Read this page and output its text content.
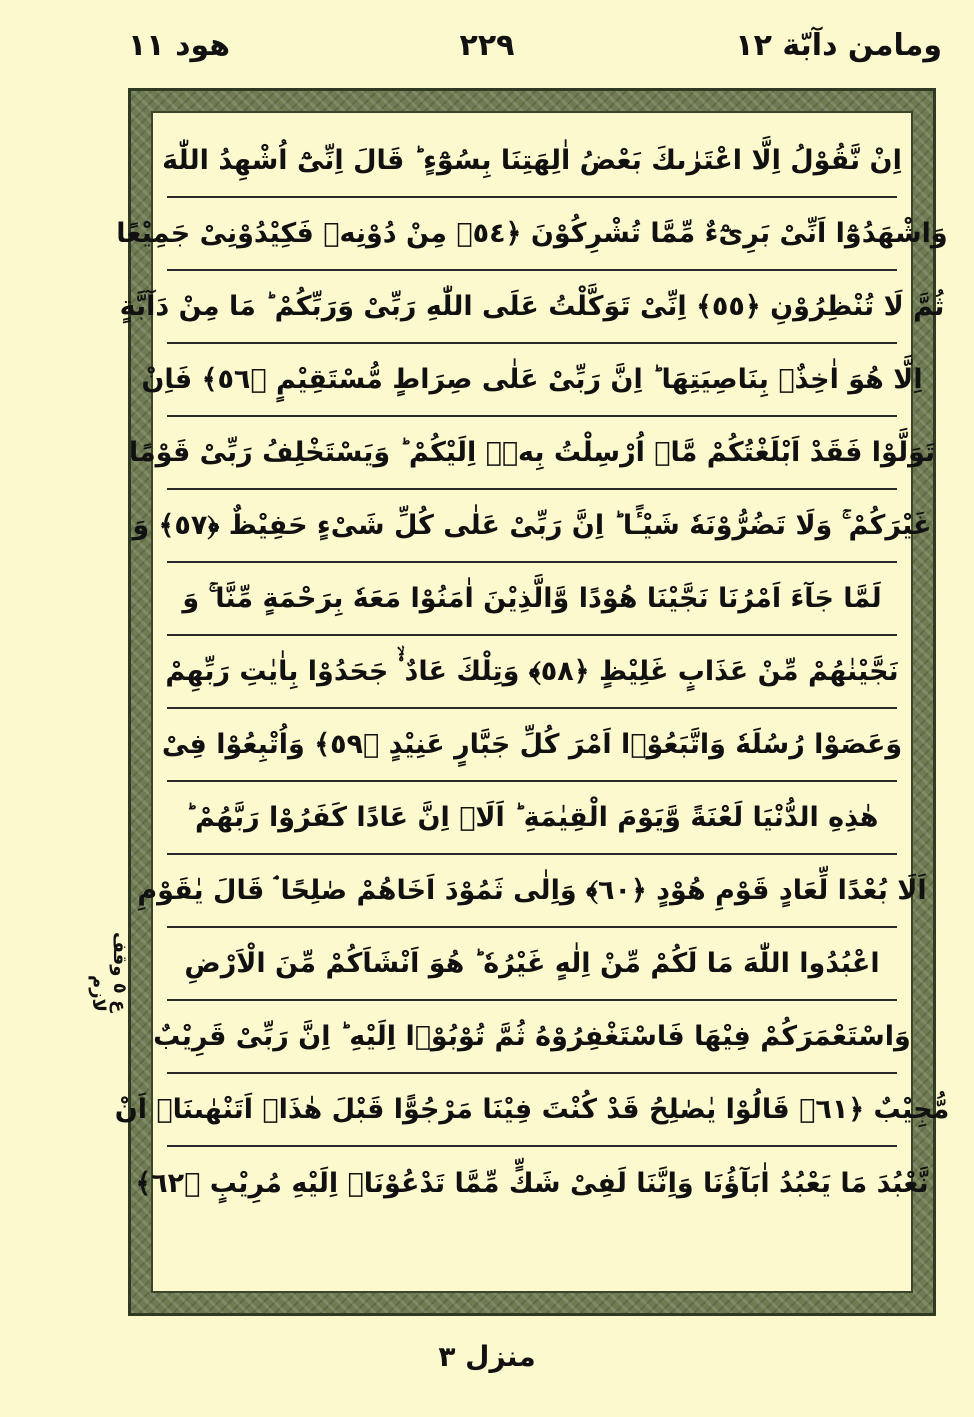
هود ١١	٢٢٩	ومامن دآبّة ١٢
اِنْ نَّقُوْلُ اِلَّا اعْتَرٰىكَ بَعْضُ اٰلِهَتِنَا بِسُوْٓءٍ ؕ قَالَ اِنِّیْٓ اُشْهِدُ اللّٰهَ
وَاشْهَدُوْٓا اَنِّیْ بَرِیْٓءٌ مِّمَّا تُشْرِكُوْنَ ﴿٥٤﴾ مِنْ دُوْنِهٖ فَكِیْدُوْنِیْ جَمِیْعًا
ثُمَّ لَا تُنْظِرُوْنِ ﴿٥٥﴾ اِنِّیْ تَوَكَّلْتُ عَلَى اللّٰهِ رَبِّیْ وَرَبِّكُمْ ؕ مَا مِنْ دَآبَّةٍ
اِلَّا هُوَ اٰخِذٌۢ بِنَاصِیَتِهَا ؕ اِنَّ رَبِّیْ عَلٰى صِرَاطٍ مُّسْتَقِیْمٍ ﴿٥٦﴾ فَاِنْ
تَوَلَّوْا فَقَدْ اَبْلَغْتُكُمْ مَّاۤ اُرْسِلْتُ بِهٖۤ اِلَیْكُمْ ؕ وَیَسْتَخْلِفُ رَبِّیْ قَوْمًا
غَیْرَكُمْ ۚ وَلَا تَضُرُّوْنَهٗ شَیْـًٔا ؕ اِنَّ رَبِّیْ عَلٰى كُلِّ شَیْءٍ حَفِیْظٌ ﴿٥٧﴾ وَ
لَمَّا جَآءَ اَمْرُنَا نَجَّیْنَا هُوْدًا وَّالَّذِیْنَ اٰمَنُوْا مَعَهٗ بِرَحْمَةٍ مِّنَّا ۚ وَ
نَجَّیْنٰهُمْ مِّنْ عَذَابٍ غَلِیْظٍ ﴿٥٨﴾ وَتِلْكَ عَادٌ ۟ۙ جَحَدُوْا بِاٰیٰتِ رَبِّهِمْ
وَعَصَوْا رُسُلَهٗ وَاتَّبَعُوْۤا اَمْرَ كُلِّ جَبَّارٍ عَنِیْدٍ ﴿٥٩﴾ وَاُتْبِعُوْا فِیْ
هٰذِهِ الدُّنْیَا لَعْنَةً وَّیَوْمَ الْقِیٰمَةِ ؕ اَلَاۤ اِنَّ عَادًا كَفَرُوْا رَبَّهُمْ ؕ
اَلَا بُعْدًا لِّعَادٍ قَوْمِ هُوْدٍ ﴿٦٠﴾ وَاِلٰى ثَمُوْدَ اَخَاهُمْ صٰلِحًا ۘ قَالَ یٰقَوْمِ
اعْبُدُوا اللّٰهَ مَا لَكُمْ مِّنْ اِلٰهٍ غَیْرُهٗ ؕ هُوَ اَنْشَاَكُمْ مِّنَ الْاَرْضِ
وَاسْتَعْمَرَكُمْ فِیْهَا فَاسْتَغْفِرُوْهُ ثُمَّ تُوْبُوْۤا اِلَیْهِ ؕ اِنَّ رَبِّیْ قَرِیْبٌ
مُّجِیْبٌ ﴿٦١﴾ قَالُوْا یٰصٰلِحُ قَدْ كُنْتَ فِیْنَا مَرْجُوًّا قَبْلَ هٰذَاۤ اَتَنْهٰىنَاۤ اَنْ
نَّعْبُدَ مَا یَعْبُدُ اٰبَآؤُنَا وَاِنَّنَا لَفِیْ شَكٍّ مِّمَّا تَدْعُوْنَاۤ اِلَیْهِ مُرِیْبٍ ﴿٦٢﴾
ع ٥ وقف لازم
منزل ٣
